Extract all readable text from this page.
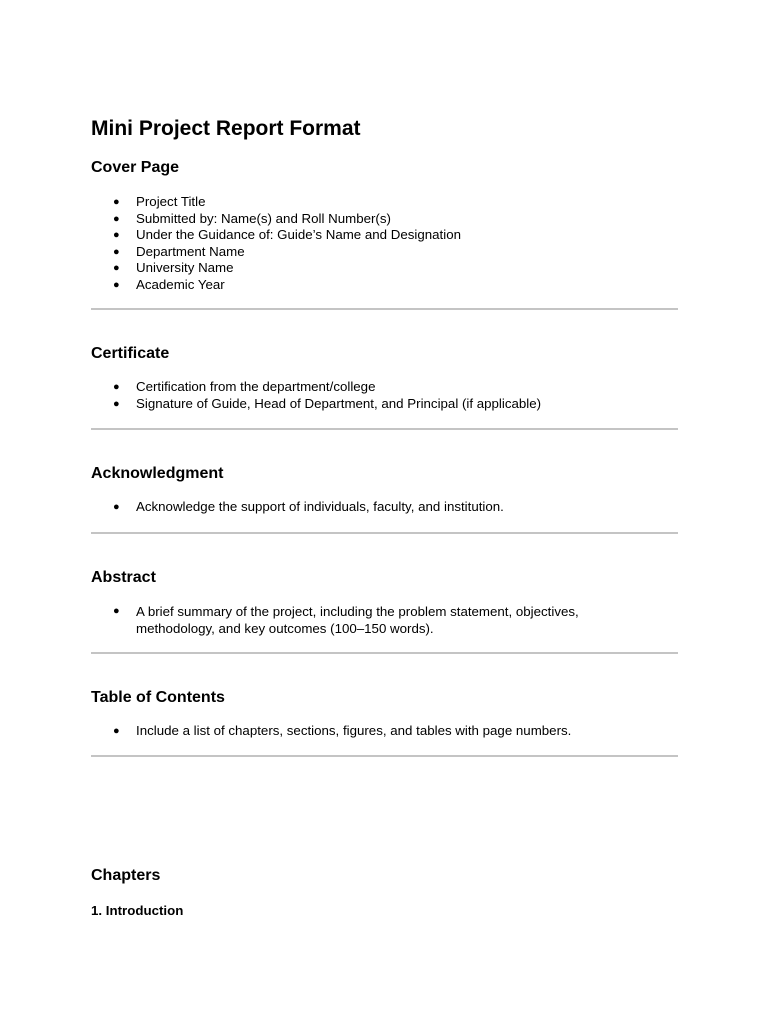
Mini Project Report Format
Cover Page
● Project Title
● Submitted by: Name(s) and Roll Number(s)
● Under the Guidance of: Guide’s Name and Designation
● Department Name
● University Name
● Academic Year
Certificate
● Certification from the department/college
● Signature of Guide, Head of Department, and Principal (if applicable)
Acknowledgment
● Acknowledge the support of individuals, faculty, and institution.
Abstract
● A brief summary of the project, including the problem statement, objectives, methodology, and key outcomes (100–150 words).
Table of Contents
● Include a list of chapters, sections, figures, and tables with page numbers.
Chapters
1. Introduction
